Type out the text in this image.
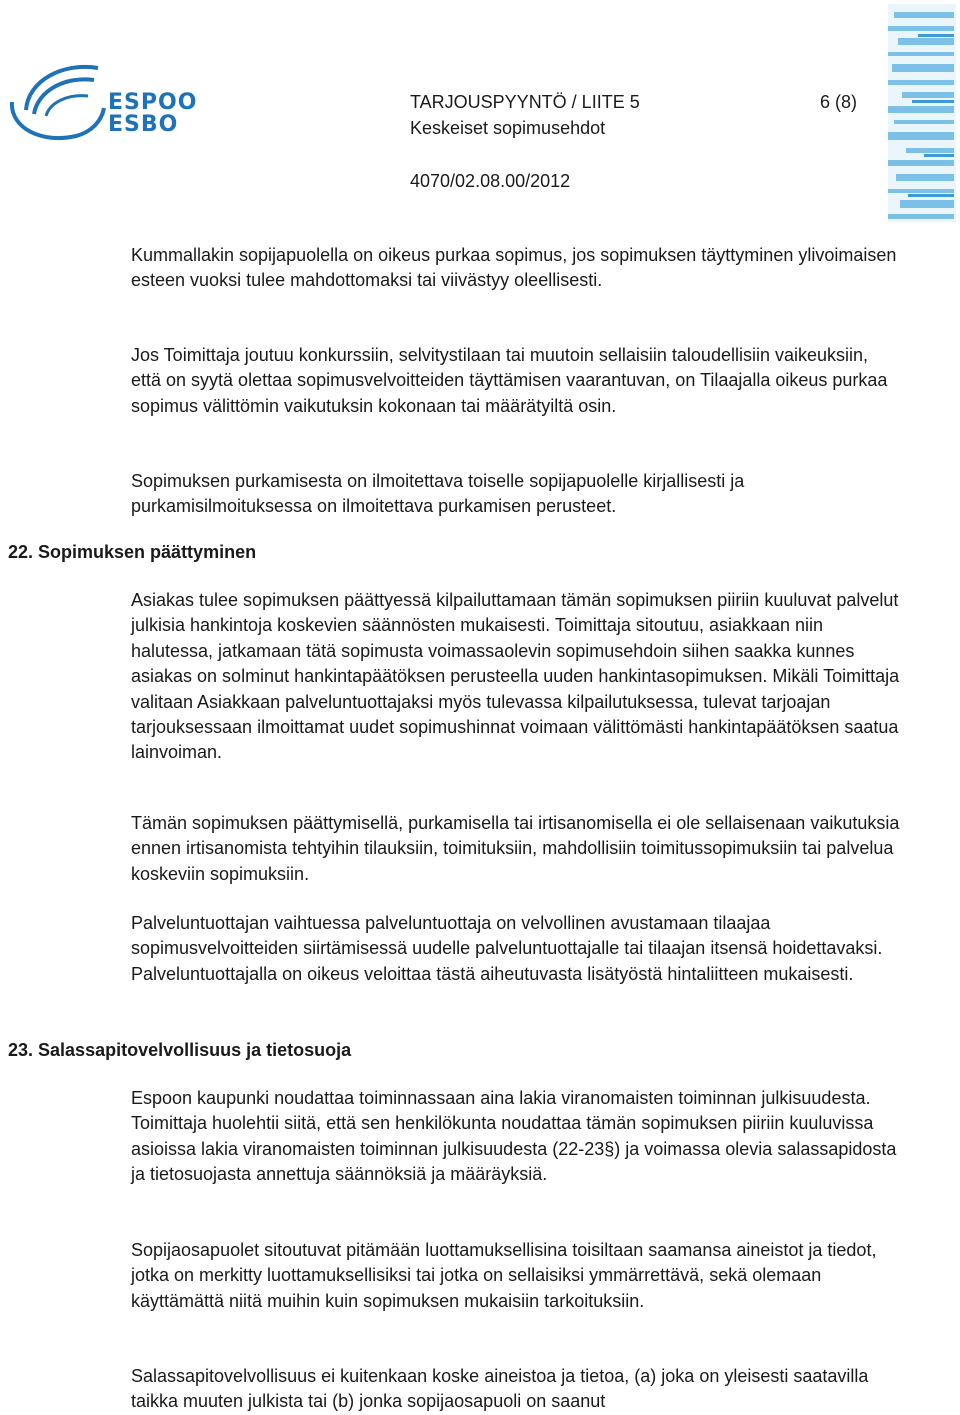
ESPOO
ESBO
TARJOUSPYYNTÖ / LIITE 5	6 (8)
Keskeiset sopimusehdot
4070/02.08.00/2012

Kummallakin sopijapuolella on oikeus purkaa sopimus, jos sopimuksen täyttyminen ylivoimaisen esteen vuoksi tulee mahdottomaksi tai viivästyy oleellisesti.

Jos Toimittaja joutuu konkurssiin, selvitystilaan tai muutoin sellaisiin taloudellisiin vaikeuksiin, että on syytä olettaa sopimusvelvoitteiden täyttämisen vaarantuvan, on Tilaajalla oikeus purkaa sopimus välittömin vaikutuksin kokonaan tai määrätyiltä osin.

Sopimuksen purkamisesta on ilmoitettava toiselle sopijapuolelle kirjallisesti ja purkamisilmoituksessa on ilmoitettava purkamisen perusteet.

22. Sopimuksen päättyminen

Asiakas tulee sopimuksen päättyessä kilpailuttamaan tämän sopimuksen piiriin kuuluvat palvelut julkisia hankintoja koskevien säännösten mukaisesti. Toimittaja sitoutuu, asiakkaan niin halutessa, jatkamaan tätä sopimusta voimassaolevin sopimusehdoin siihen saakka kunnes asiakas on solminut hankintapäätöksen perusteella uuden hankintasopimuksen. Mikäli Toimittaja valitaan Asiakkaan palveluntuottajaksi myös tulevassa kilpailutuksessa, tulevat tarjoajan tarjouksessaan ilmoittamat uudet sopimushinnat voimaan välittömästi hankintapäätöksen saatua lainvoiman.

Tämän sopimuksen päättymisellä, purkamisella tai irtisanomisella ei ole sellaisenaan vaikutuksia ennen irtisanomista tehtyihin tilauksiin, toimituksiin, mahdollisiin toimitussopimuksiin tai palvelua koskeviin sopimuksiin.

Palveluntuottajan vaihtuessa palveluntuottaja on velvollinen avustamaan tilaajaa sopimusvelvoitteiden siirtämisessä uudelle palveluntuottajalle tai tilaajan itsensä hoidettavaksi. Palveluntuottajalla on oikeus veloittaa tästä aiheutuvasta lisätyöstä hintaliitteen mukaisesti.

23. Salassapitovelvollisuus ja tietosuoja

Espoon kaupunki noudattaa toiminnassaan aina lakia viranomaisten toiminnan julkisuudesta. Toimittaja huolehtii siitä, että sen henkilökunta noudattaa tämän sopimuksen piiriin kuuluvissa asioissa lakia viranomaisten toiminnan julkisuudesta (22-23§) ja voimassa olevia salassapidosta ja tietosuojasta annettuja säännöksiä ja määräyksiä.

Sopijaosapuolet sitoutuvat pitämään luottamuksellisina toisiltaan saamansa aineistot ja tiedot, jotka on merkitty luottamuksellisiksi tai jotka on sellaisiksi ymmärrettävä, sekä olemaan käyttämättä niitä muihin kuin sopimuksen mukaisiin tarkoituksiin.

Salassapitovelvollisuus ei kuitenkaan koske aineistoa ja tietoa, (a) joka on yleisesti saatavilla taikka muuten julkista tai (b) jonka sopijaosapuoli on saanut
